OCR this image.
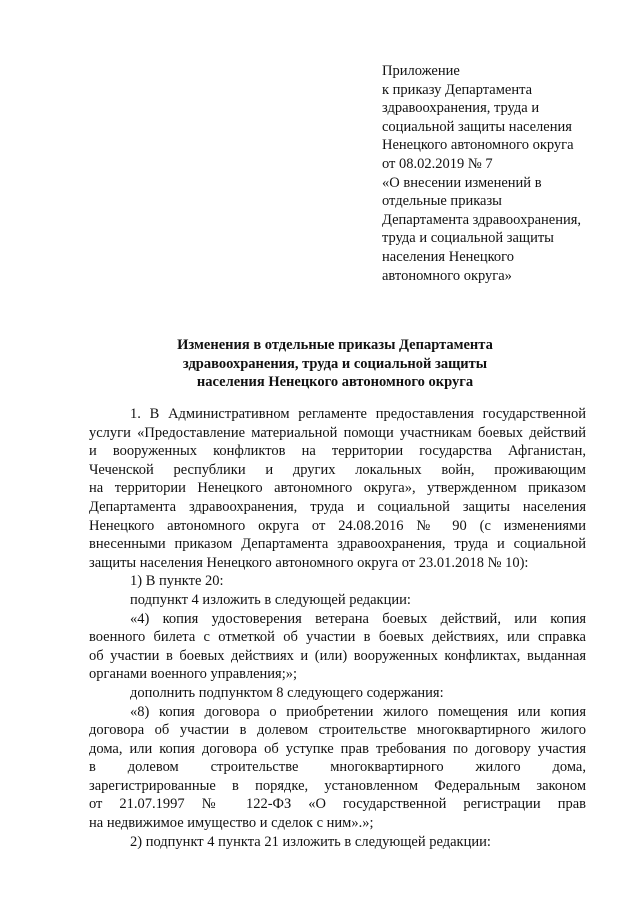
Приложение
к приказу Департамента
здравоохранения, труда и
социальной защиты населения
Ненецкого автономного округа
от 08.02.2019 № 7
«О внесении изменений в
отдельные приказы
Департамента здравоохранения,
труда и социальной защиты
населения Ненецкого
автономного округа»
Изменения в отдельные приказы Департамента
здравоохранения, труда и социальной защиты
населения Ненецкого автономного округа
1. В Административном регламенте предоставления государственной
услуги «Предоставление материальной помощи участникам боевых действий
и вооруженных конфликтов на территории государства Афганистан,
Чеченской республики и других локальных войн, проживающим
на территории Ненецкого автономного округа», утвержденном приказом
Департамента здравоохранения, труда и социальной защиты населения
Ненецкого автономного округа от 24.08.2016 № 90 (с изменениями
внесенными приказом Департамента здравоохранения, труда и социальной
защиты населения Ненецкого автономного округа от 23.01.2018 № 10):
1) В пункте 20:
подпункт 4 изложить в следующей редакции:
«4) копия удостоверения ветерана боевых действий, или копия
военного билета с отметкой об участии в боевых действиях, или справка
об участии в боевых действиях и (или) вооруженных конфликтах, выданная
органами военного управления;»;
дополнить подпунктом 8 следующего содержания:
«8) копия договора о приобретении жилого помещения или копия
договора об участии в долевом строительстве многоквартирного жилого
дома, или копия договора об уступке прав требования по договору участия
в долевом строительстве многоквартирного жилого дома,
зарегистрированные в порядке, установленном Федеральным законом
от 21.07.1997 № 122-ФЗ «О государственной регистрации прав
на недвижимое имущество и сделок с ним».»;
2) подпункт 4 пункта 21 изложить в следующей редакции:
